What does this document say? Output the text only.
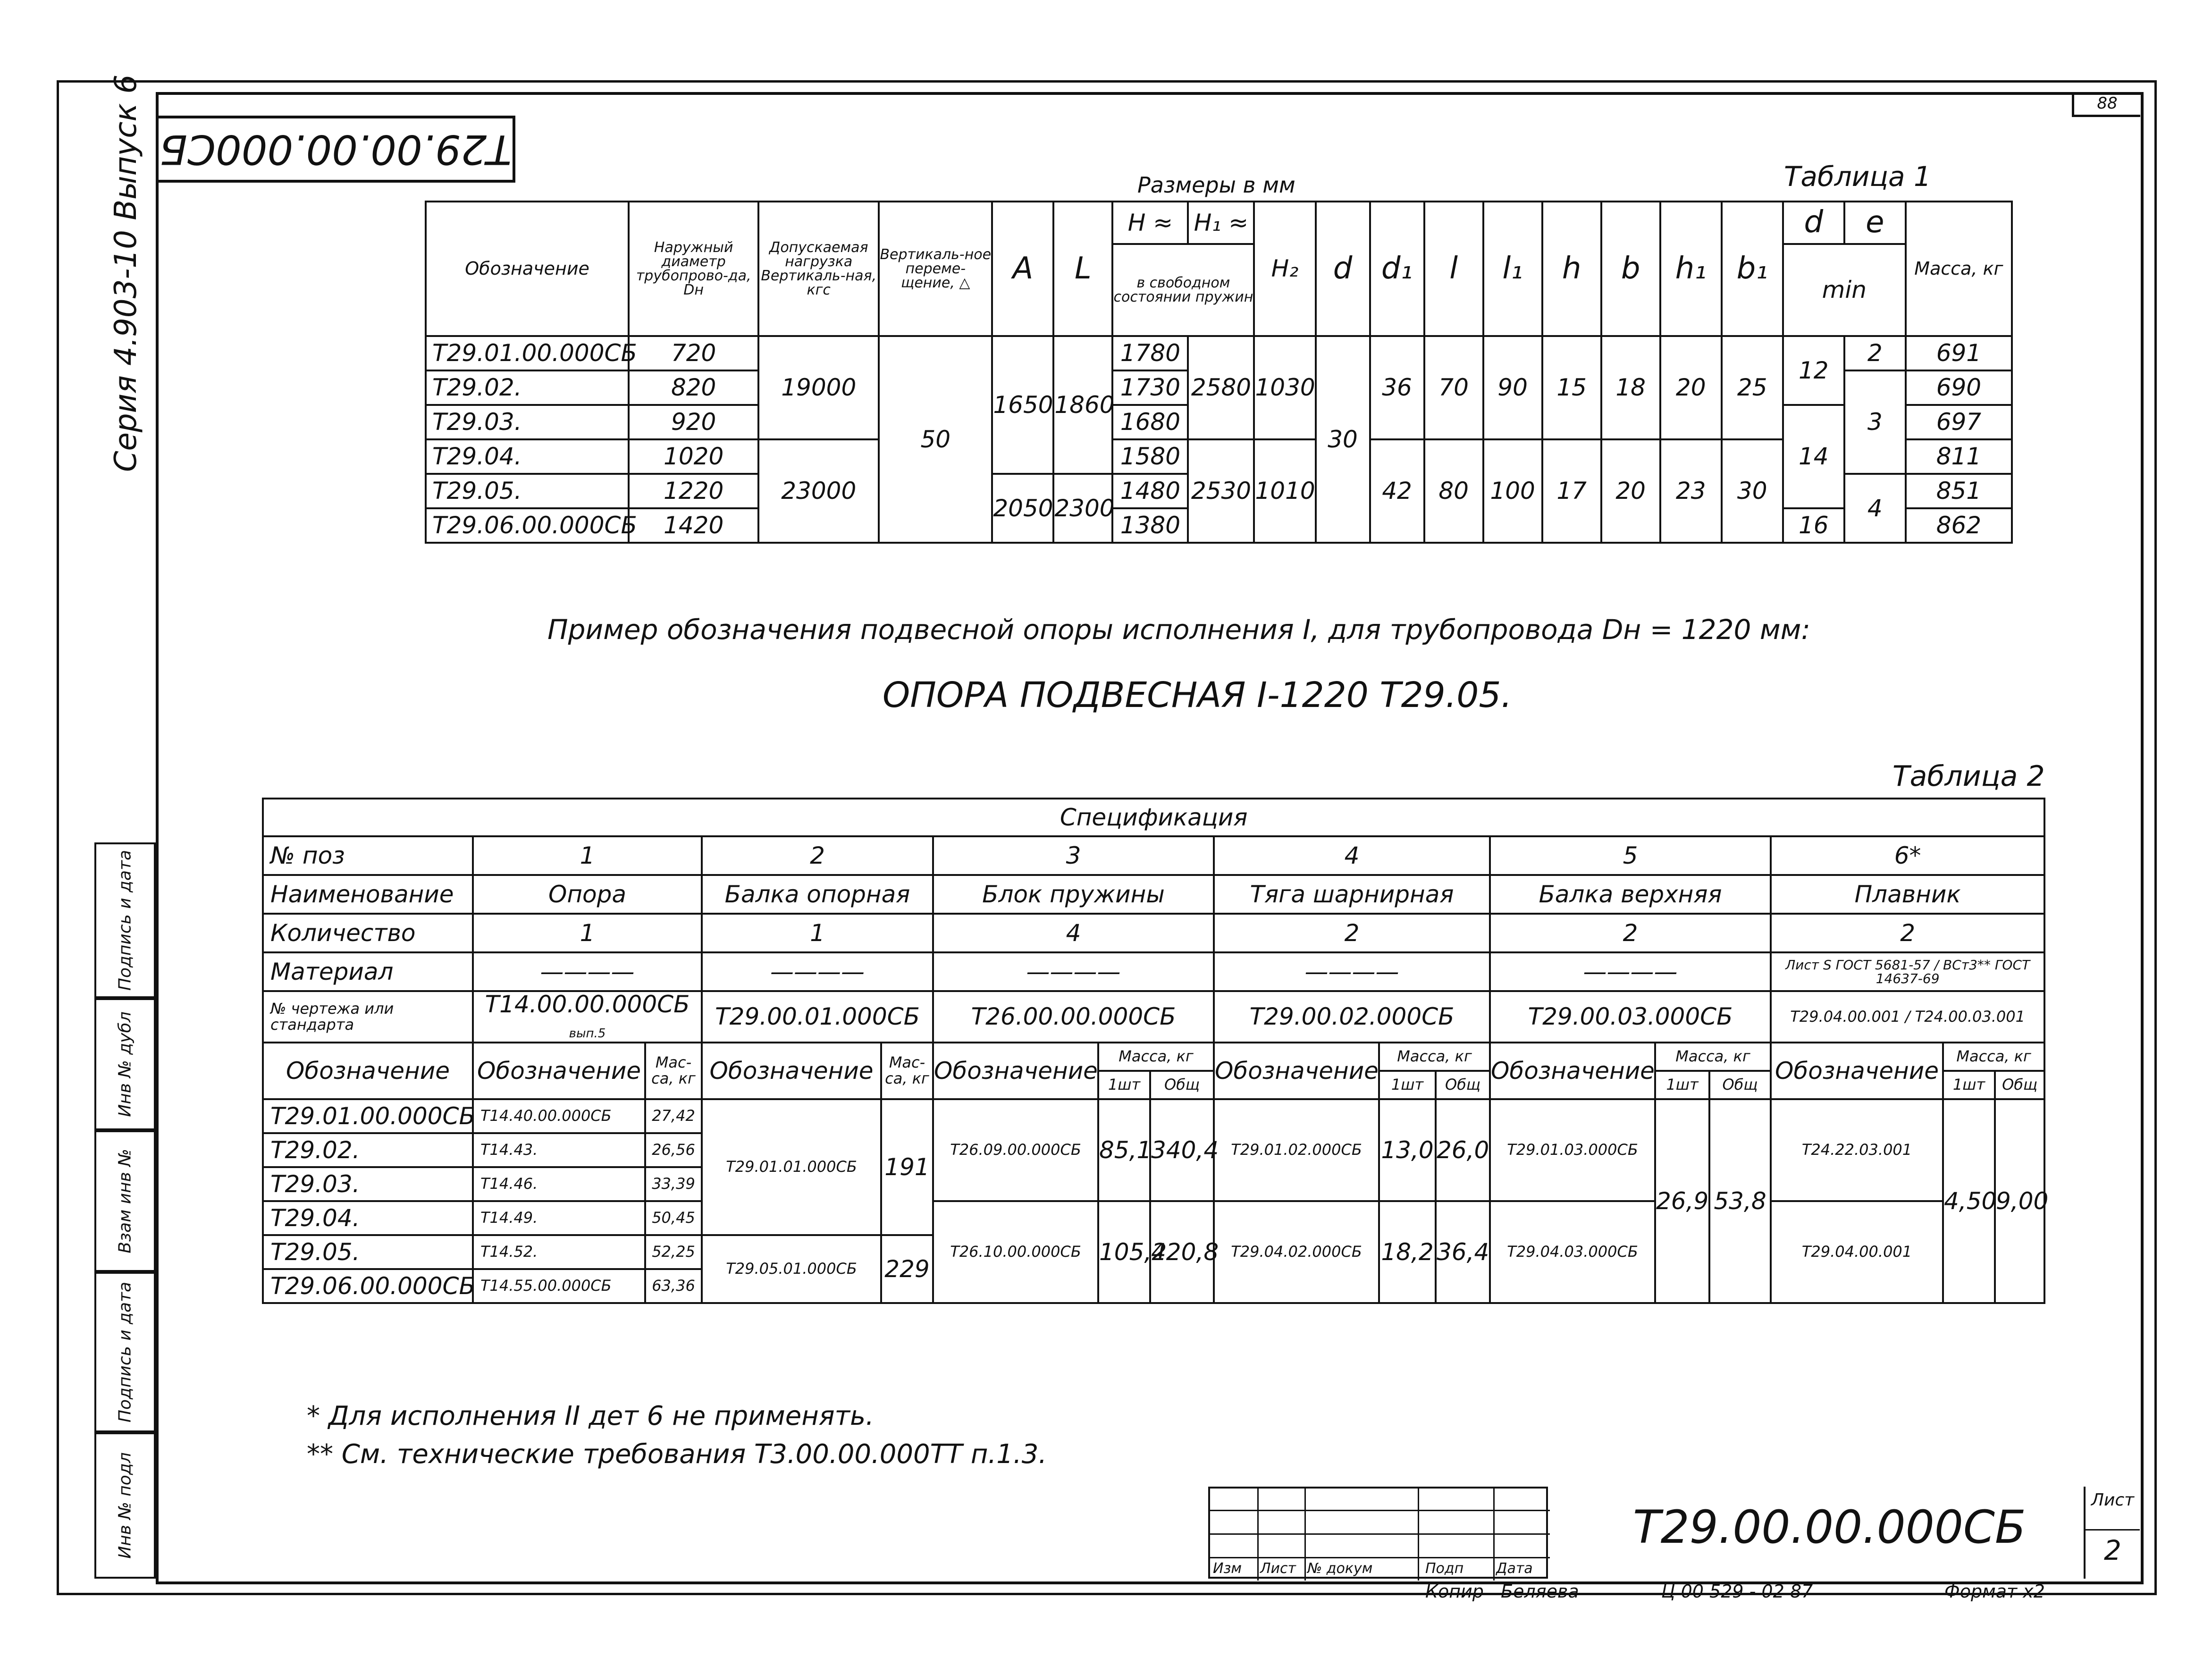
88
T29.00.00.000СБ
Серия 4.903-10 Выпуск 6
Подпись и дата
Инв № дубл
Взам инв №
Подпись и дата
Инв № подл
Размеры в мм	Таблица 1
Обозначение	Наружный диаметр трубопрово-да, Dн	Допускаемая нагрузка Вертикаль-ная, кгс	Вертикаль-ное переме-щение, △	A	L	H ≈	H₁ ≈	H₂	d	d₁	l	l₁	h	b	h₁	b₁	d	e	Масса, кг
						в свободном состоянии пружин											min		
T29.01.00.000СБ	720	19000	50	1650	1860	1780	2580	1030	30	36	70	90	15	18	20	25	12	2	691
T29.02.	820					1730												3	690
T29.03.	920					1680											14		697
T29.04.	1020	23000				1580	2530	1010		42	80	100	17	20	23	30			811
T29.05.	1220			2050	2300	1480												4	851
T29.06.00.000СБ	1420					1380											16		862
Пример обозначения подвесной опоры исполнения I, для трубопровода Dн = 1220 мм:
ОПОРА ПОДВЕСНАЯ I-1220 T29.05.
Таблица 2
Спецификация																
№ поз	1		2		3			4			5			6*		
Наименование	Опора		Балка опорная		Блок пружины			Тяга шарнирная			Балка верхняя			Плавник		
Количество	1		1		4			2			2			2		
Материал	————		————		————			————			————			Лист S ГОСТ 5681-57 / ВСт3** ГОСТ 14637-69		
№ чертежа или стандарта	T14.00.00.000СБ вып.5		T29.00.01.000СБ		T26.00.00.000СБ			T29.00.02.000СБ			T29.00.03.000СБ			T29.04.00.001 / T24.00.03.001		
Обозначение	Обозначение	Мас-са, кг	Обозначение	Мас-са, кг	Обозначение	Масса, кг		Обозначение	Масса, кг		Обозначение	Масса, кг		Обозначение	Масса, кг	
						1шт	Общ		1шт	Общ		1шт	Общ		1шт	Общ
T29.01.00.000СБ	T14.40.00.000СБ	27,42	T29.01.01.000СБ	191	T26.09.00.000СБ	85,1	340,4	T29.01.02.000СБ	13,0	26,0	T29.01.03.000СБ	26,9	53,8	T24.22.03.001	4,50	9,00
T29.02.	T14.43.	26,56														
T29.03.	T14.46.	33,39														
T29.04.	T14.49.	50,45			T26.10.00.000СБ	105,2	420,8	T29.04.02.000СБ	18,2	36,4	T29.04.03.000СБ			T29.04.00.001		
T29.05.	T14.52.	52,25	T29.05.01.000СБ	229												
T29.06.00.000СБ	T14.55.00.000СБ	63,36														
* Для исполнения II дет 6 не применять.
** См. технические требования T3.00.00.000TT п.1.3.
Изм Лист № докум	Подп Дата
T29.00.00.000СБ
Лист
2
Копир Беляева	Ц 00 529 - 02 87	Формат х2
